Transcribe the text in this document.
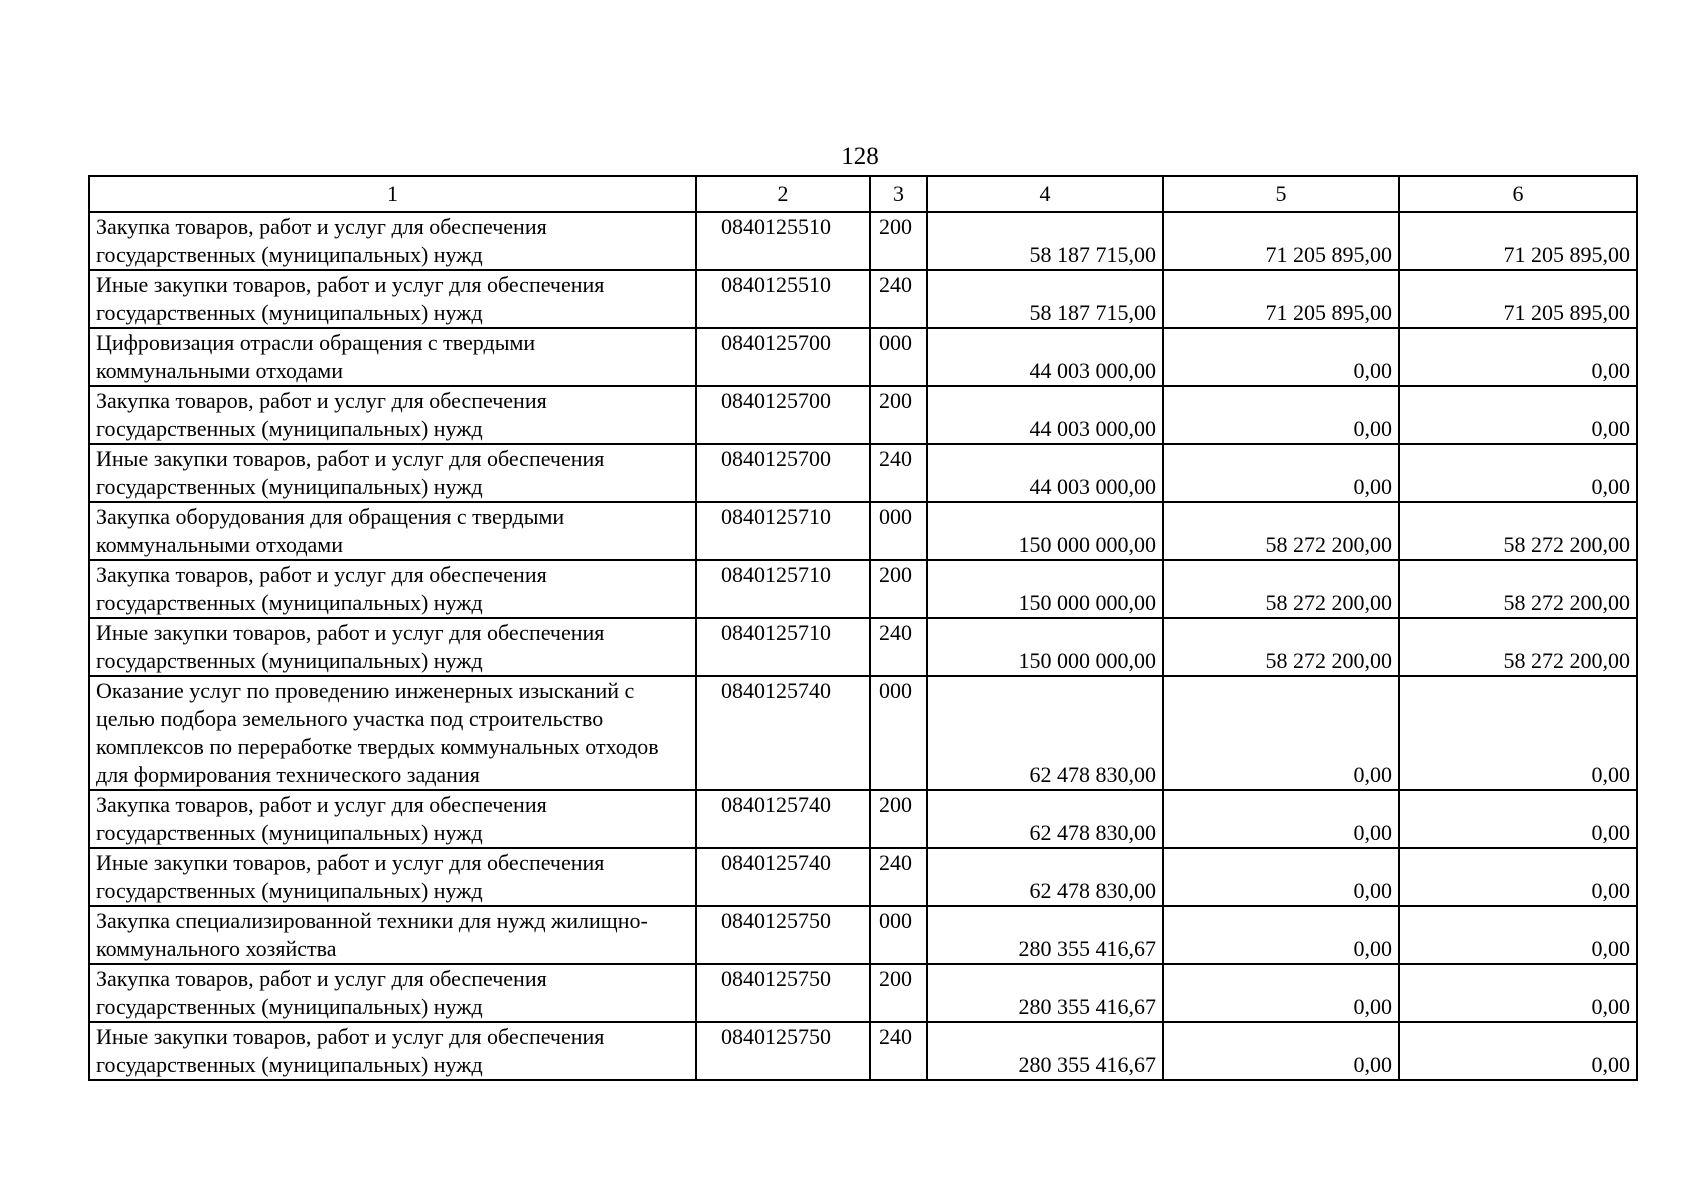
128
1	2	3	4	5	6
Закупка товаров, работ и услуг для обеспечения государственных (муниципальных) нужд	0840125510	200	58 187 715,00	71 205 895,00	71 205 895,00
Иные закупки товаров, работ и услуг для обеспечения государственных (муниципальных) нужд	0840125510	240	58 187 715,00	71 205 895,00	71 205 895,00
Цифровизация отрасли обращения с твердыми коммунальными отходами	0840125700	000	44 003 000,00	0,00	0,00
Закупка товаров, работ и услуг для обеспечения государственных (муниципальных) нужд	0840125700	200	44 003 000,00	0,00	0,00
Иные закупки товаров, работ и услуг для обеспечения государственных (муниципальных) нужд	0840125700	240	44 003 000,00	0,00	0,00
Закупка оборудования для обращения с твердыми коммунальными отходами	0840125710	000	150 000 000,00	58 272 200,00	58 272 200,00
Закупка товаров, работ и услуг для обеспечения государственных (муниципальных) нужд	0840125710	200	150 000 000,00	58 272 200,00	58 272 200,00
Иные закупки товаров, работ и услуг для обеспечения государственных (муниципальных) нужд	0840125710	240	150 000 000,00	58 272 200,00	58 272 200,00
Оказание услуг по проведению инженерных изысканий с целью подбора земельного участка под строительство комплексов по переработке твердых коммунальных отходов для формирования технического задания	0840125740	000	62 478 830,00	0,00	0,00
Закупка товаров, работ и услуг для обеспечения государственных (муниципальных) нужд	0840125740	200	62 478 830,00	0,00	0,00
Иные закупки товаров, работ и услуг для обеспечения государственных (муниципальных) нужд	0840125740	240	62 478 830,00	0,00	0,00
Закупка специализированной техники для нужд жилищно-коммунального хозяйства	0840125750	000	280 355 416,67	0,00	0,00
Закупка товаров, работ и услуг для обеспечения государственных (муниципальных) нужд	0840125750	200	280 355 416,67	0,00	0,00
Иные закупки товаров, работ и услуг для обеспечения государственных (муниципальных) нужд	0840125750	240	280 355 416,67	0,00	0,00
